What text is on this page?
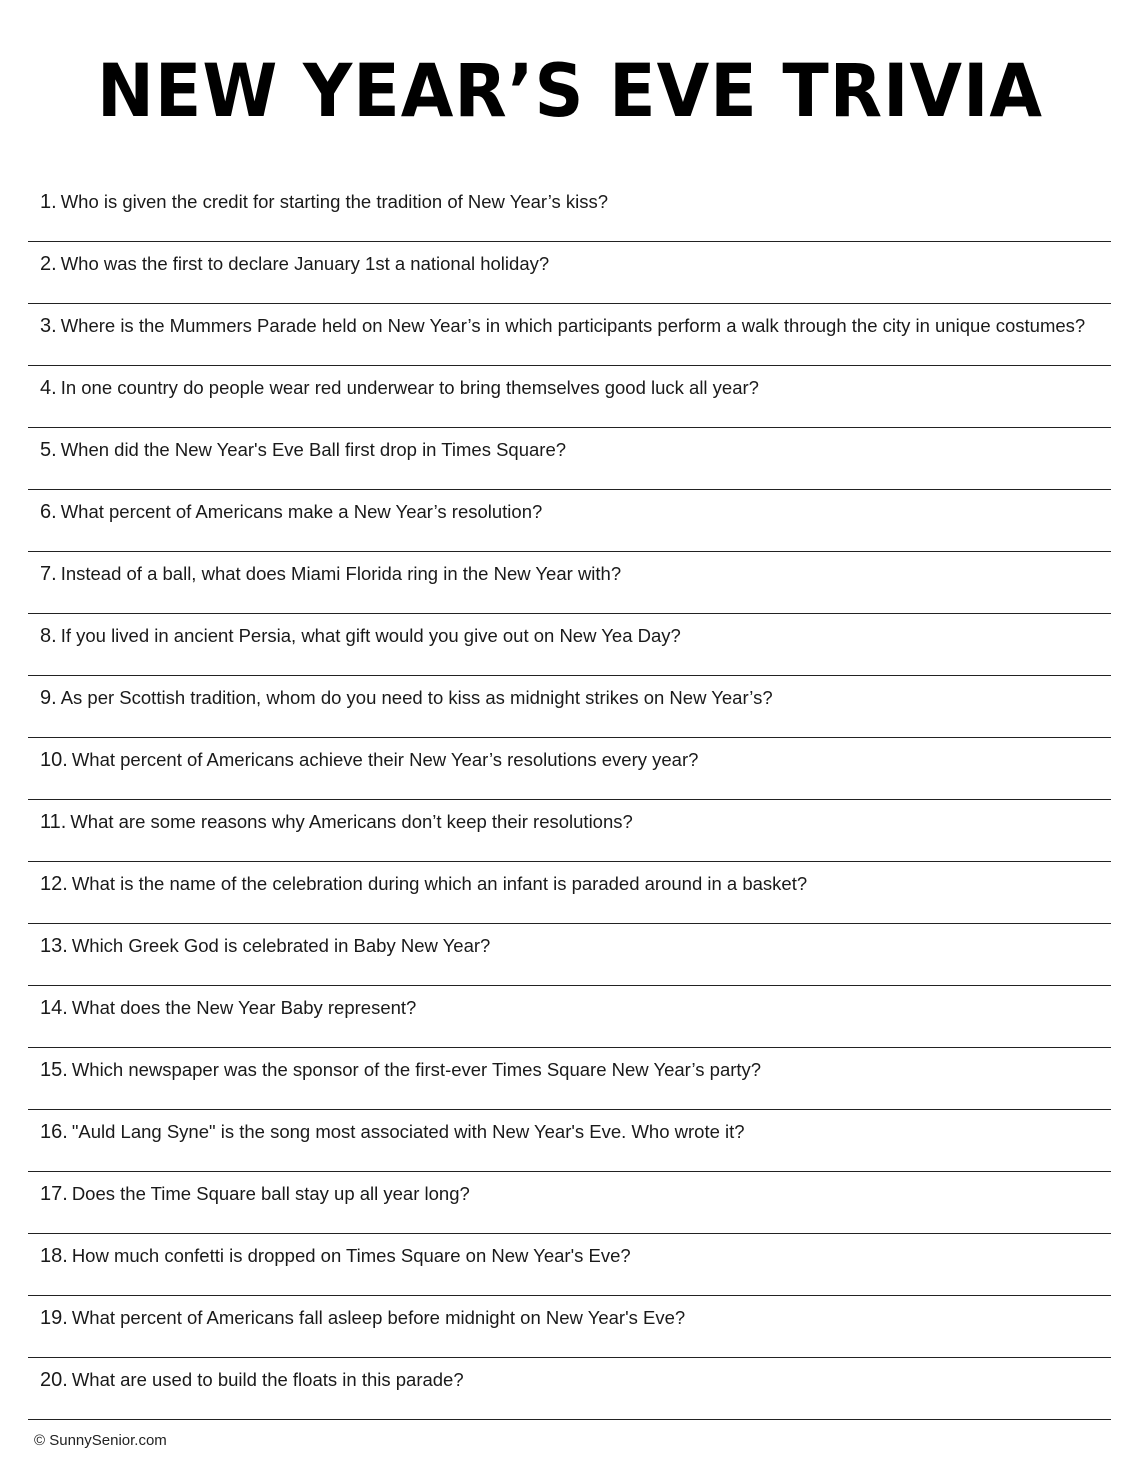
NEW YEAR’S EVE TRIVIA
1. Who is given the credit for starting the tradition of New Year’s kiss?
2. Who was the first to declare January 1st a national holiday?
3. Where is the Mummers Parade held on New Year’s in which participants perform a walk through the city in unique costumes?
4. In one country do people wear red underwear to bring themselves good luck all year?
5. When did the New Year's Eve Ball first drop in Times Square?
6. What percent of Americans make a New Year’s resolution?
7. Instead of a ball, what does Miami Florida ring in the New Year with?
8. If you lived in ancient Persia, what gift would you give out on New Yea Day?
9. As per Scottish tradition, whom do you need to kiss as midnight strikes on New Year’s?
10. What percent of Americans achieve their New Year’s resolutions every year?
11. What are some reasons why Americans don’t keep their resolutions?
12. What is the name of the celebration during which an infant is paraded around in a basket?
13. Which Greek God is celebrated in Baby New Year?
14. What does the New Year Baby represent?
15. Which newspaper was the sponsor of the first-ever Times Square New Year’s party?
16. "Auld Lang Syne" is the song most associated with New Year's Eve. Who wrote it?
17. Does the Time Square ball stay up all year long?
18. How much confetti is dropped on Times Square on New Year's Eve?
19. What percent of Americans fall asleep before midnight on New Year's Eve?
20. What are used to build the floats in this parade?
© SunnySenior.com
